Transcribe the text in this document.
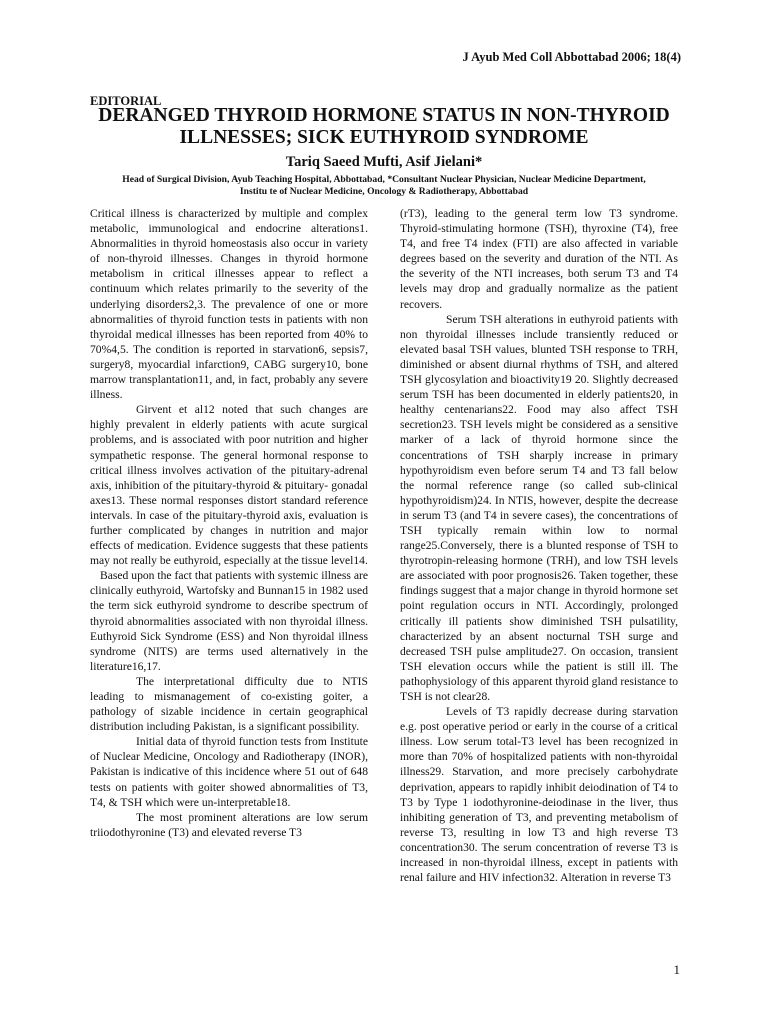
J Ayub Med Coll Abbottabad 2006; 18(4)
EDITORIAL
DERANGED THYROID HORMONE STATUS IN NON-THYROID
ILLNESSES; SICK EUTHYROID SYNDROME
Tariq Saeed Mufti, Asif Jielani*
Head of Surgical Division, Ayub Teaching Hospital, Abbottabad, *Consultant Nuclear Physician, Nuclear Medicine Department,
Institu te of Nuclear Medicine, Oncology & Radiotherapy, Abbottabad

Critical illness is characterized by multiple and complex metabolic, immunological and endocrine alterations1. Abnormalities in thyroid homeostasis also occur in variety of non-thyroid illnesses. Changes in thyroid hormone metabolism in critical illnesses appear to reflect a continuum which relates primarily to the severity of the underlying disorders2,3. The prevalence of one or more abnormalities of thyroid function tests in patients with non thyroidal medical illnesses has been reported from 40% to 70%4,5. The condition is reported in starvation6, sepsis7, surgery8, myocardial infarction9, CABG surgery10, bone marrow transplantation11, and, in fact, probably any severe illness.

Girvent et al12 noted that such changes are highly prevalent in elderly patients with acute surgical problems, and is associated with poor nutrition and higher sympathetic response. The general hormonal response to critical illness involves activation of the pituitary-adrenal axis, inhibition of the pituitary-thyroid & pituitary- gonadal axes13. These normal responses distort standard reference intervals. In case of the pituitary-thyroid axis, evaluation is further complicated by changes in nutrition and major effects of medication. Evidence suggests that these patients may not really be euthyroid, especially at the tissue level14.

Based upon the fact that patients with systemic illness are clinically euthyroid, Wartofsky and Bunnan15 in 1982 used the term sick euthyroid syndrome to describe spectrum of thyroid abnormalities associated with non thyroidal illness. Euthyroid Sick Syndrome (ESS) and Non thyroidal illness syndrome (NITS) are terms used alternatively in the literature16,17.

The interpretational difficulty due to NTIS leading to mismanagement of co-existing goiter, a pathology of sizable incidence in certain geographical distribution including Pakistan, is a significant possibility.

Initial data of thyroid function tests from Institute of Nuclear Medicine, Oncology and Radiotherapy (INOR), Pakistan is indicative of this incidence where 51 out of 648 tests on patients with goiter showed abnormalities of T3, T4, & TSH which were un-interpretable18.

The most prominent alterations are low serum triiodothyronine (T3) and elevated reverse T3

(rT3), leading to the general term low T3 syndrome. Thyroid-stimulating hormone (TSH), thyroxine (T4), free T4, and free T4 index (FTI) are also affected in variable degrees based on the severity and duration of the NTI. As the severity of the NTI increases, both serum T3 and T4 levels may drop and gradually normalize as the patient recovers.

Serum TSH alterations in euthyroid patients with non thyroidal illnesses include transiently reduced or elevated basal TSH values, blunted TSH response to TRH, diminished or absent diurnal rhythms of TSH, and altered TSH glycosylation and bioactivity19 20. Slightly decreased serum TSH has been documented in elderly patients20, in healthy centenarians22. Food may also affect TSH secretion23. TSH levels might be considered as a sensitive marker of a lack of thyroid hormone since the concentrations of TSH sharply increase in primary hypothyroidism even before serum T4 and T3 fall below the normal reference range (so called sub-clinical hypothyroidism)24. In NTIS, however, despite the decrease in serum T3 (and T4 in severe cases), the concentrations of TSH typically remain within low to normal range25.Conversely, there is a blunted response of TSH to thyrotropin-releasing hormone (TRH), and low TSH levels are associated with poor prognosis26. Taken together, these findings suggest that a major change in thyroid hormone set point regulation occurs in NTI. Accordingly, prolonged critically ill patients show diminished TSH pulsatility, characterized by an absent nocturnal TSH surge and decreased TSH pulse amplitude27. On occasion, transient TSH elevation occurs while the patient is still ill. The pathophysiology of this apparent thyroid gland resistance to TSH is not clear28.

Levels of T3 rapidly decrease during starvation e.g. post operative period or early in the course of a critical illness. Low serum total-T3 level has been recognized in more than 70% of hospitalized patients with non-thyroidal illness29. Starvation, and more precisely carbohydrate deprivation, appears to rapidly inhibit deiodination of T4 to T3 by Type 1 iodothyronine-deiodinase in the liver, thus inhibiting generation of T3, and preventing metabolism of reverse T3, resulting in low T3 and high reverse T3 concentration30. The serum concentration of reverse T3 is increased in non-thyroidal illness, except in patients with renal failure and HIV infection32. Alteration in reverse T3

1
